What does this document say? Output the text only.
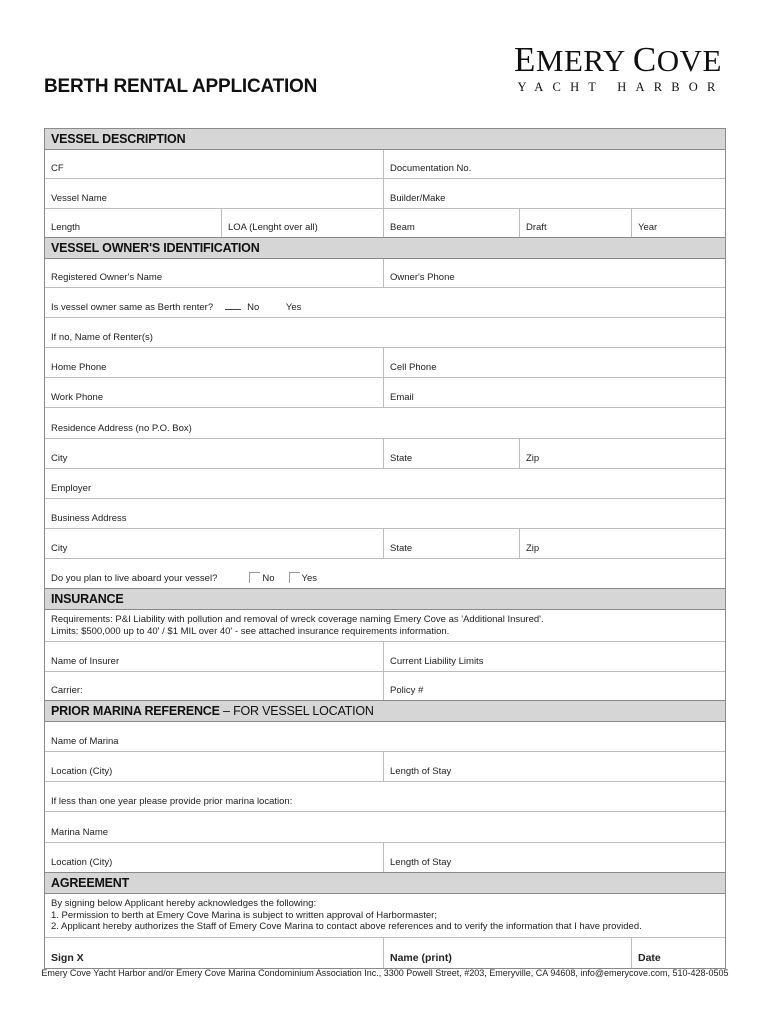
BERTH RENTAL APPLICATION
EMERY COVE
YACHT HARBOR
VESSEL DESCRIPTION
CF	Documentation No.
Vessel Name	Builder/Make
Length	LOA (Lenght over all)	Beam	Draft	Year
VESSEL OWNER'S IDENTIFICATION
Registered Owner's Name	Owner's Phone
Is vessel owner same as Berth renter?	No	Yes
If no, Name of Renter(s)
Home Phone	Cell Phone
Work Phone	Email
Residence Address (no P.O. Box)
City	State	Zip
Employer
Business Address
City	State	Zip
Do you plan to live aboard your vessel?	No	Yes
INSURANCE
Requirements: P&I Liability with pollution and removal of wreck coverage naming Emery Cove as 'Additional Insured'.
Limits: $500,000 up to 40' / $1 MIL over 40' - see attached insurance requirements information.
Name of Insurer	Current Liability Limits
Carrier:	Policy #
PRIOR MARINA REFERENCE – FOR VESSEL LOCATION
Name of Marina
Location (City)	Length of Stay
If less than one year please provide prior marina location:
Marina Name
Location (City)	Length of Stay
AGREEMENT
By signing below Applicant hereby acknowledges the following:
1. Permission to berth at Emery Cove Marina is subject to written approval of Harbormaster;
2. Applicant hereby authorizes the Staff of Emery Cove Marina to contact above references and to verify the information that I have provided.
Sign X	Name (print)	Date
Emery Cove Yacht Harbor and/or Emery Cove Marina Condominium Association Inc., 3300 Powell Street, #203, Emeryville, CA 94608, info@emerycove.com, 510-428-0505
